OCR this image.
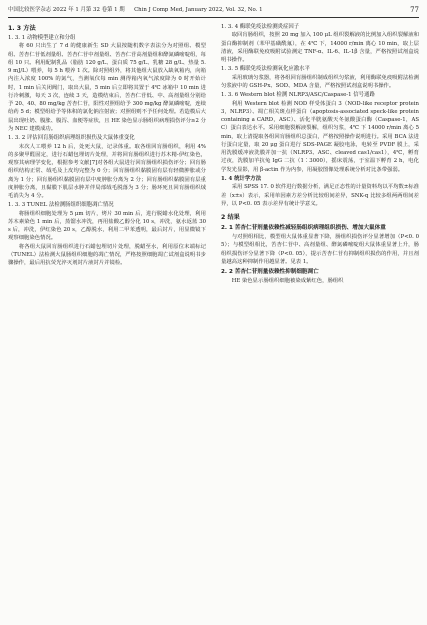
中国比较医学杂志 2022 年 1 月第 32 卷第 1 期 Chin J Comp Med, January 2022, Vol. 32, No. 1	77
1. 3 方法
1. 3. 1 动物模型建立和分组

将 60 只出生了 7 d 的健康新生 SD 大鼠按随机数字表法分为对照组、模型组、苦杏仁苷低剂量组、苦杏仁苷中剂量组、苦杏仁苷高剂量组和酵氮磷嘧啶组，每组 10 只。利用配制乳品（脂肪 120 g/L、蛋白质 75 g/L、乳糖 28 g/L、热量 5. 9 mJ/L）喂养，每 5 h 喂养 1 次。除对照组外，将其他组大鼠放入缺氧箱内，向箱内注入浓度 100% 的氮气，当测氧仪每 min 测得箱内氧气浓度降为 0 时开始计时，1 min 后关闭阀门，取出大鼠，5 min 后立即将其置于 4℃ 冰箱中 10 min 进行冷刺激，每天 3 次，连续 3 天，造模结束后，苦杏仁苷低、中、高剂量组分别给予 20、40、80 mg/kg 苦杏仁苷，阳性对照组给予 300 mg/kg 酵氮磷嘧啶，连续给药 5 d；模型组给予等体积的氯化钠注射液；对照组则不予任何处理。若造模后大鼠出现吐奶、腹胀、腹泻、血便等症状，且 HE 染色显示肠组织病理损伤评分≥2 分为 NEC 建模成功。

1. 3. 2 评估回肓肠组织病理组织损伤及大鼠体重变化

末次人工喂养 12 h 后，处死大鼠，记录体重。取各组回肓肠组织，利用 4% 的多聚甲醛固定，进行石蜡包埋切片处理，并将回肓肠组织进行苏木精-伊红染色，观察其病理学变化，根据参考文献[7]对各组大鼠进行回肓肠组织损伤评分；回肓肠组织结构正常、绒毛及上皮均完整为 0 分；回肓肠组织黏膜固有层有轻微肿胀或分离为 1 分；回肓肠组织黏膜固有层中度肿胀分离为 2 分；回肓肠组织黏膜固有层重度肿胀分离，且黏膜下肌层水肿并伴局部绒毛脱落为 3 分；肠环死且回肓肠组织绒毛消失为 4 分。

1. 3. 3 TUNEL 法检测肠组织细胞凋亡情况

将肠组织细胞处理为 5 μm 切片，烤片 30 min 后，进行脱蜡水化处理，利用苏木素染色 1 min 后，蒸馏水冲洗，再用盐酸乙醇分化 10 s，冲洗，氨水返蓝 30 s 后，冲洗，伊红染色 20 s，乙醇脱水，利用二甲苯透明，最后封片，用显微镜下观察细胞染色情况。

将各组大鼠回肓肠组织进行石蜡包埋切片处理，脱蜡至水，利用原位末端标记（TUNEL）法检测大鼠肠组织细胞的凋亡情况，严格按照细胞凋亡试剂盒说明书步骤操作，最后用抗荧光淬灭剂封片液封片并镜检。

1. 3. 4 酶联免疫法检测炎症因子

取回肓肠组织，按照 20 mg 加入 100 μL 组织裂解液的比例加入组织裂解液和蛋白酶抑制剂（苯甲基磺酰氟），在 4℃ 下，14000 r/min 离心 10 min，取上层清液，采用酶联免疫吸附试验测定 TNF-α、IL-6、IL-1β 含量，严格按照试剂盒说明书操作。

1. 3. 5 酶联免疫法检测氧化应激水平

采用玻璃匀浆器，将各组回肓肠组织制成组织匀浆液，利用酶联免疫吸附法检测匀浆液中的 GSH-Px、SOD、MDA 含量，严格按照试剂盒说明书操作。

1. 3. 6 Western blot 检测 NLRP3/ASC/Caspase-1 信号通路

利用 Western blot 检测 NOD 样受体蛋白 3（NOD-like receptor protein 3，NLRP3）、凋亡相关斑点样蛋白（apoptosis-associated speck-like protein containing a CARD，ASC）、活化半胱氨酸天冬氨酸蛋白酶（Caspase-1，ASC）蛋白表达水平。采用细胞裂解液裂解，组织匀浆，4℃ 下 14000 r/min 离心 5 min，取上清提取各组回肓肠组织总蛋白，严格按照操作说明进行。采用 BCA 法进行蛋白定量，取 20 μg 蛋白进行 SDS-PAGE 凝胶电泳，电转至 PVDF 膜上，采用洗膜缓冲液洗膜并加一抗（NLRP3、ASC、cleaved cas1/cas1），4℃，孵育过夜，洗膜加羊抗兔 IgG 二抗（1∶3000），摇床震荡，于室温下孵育 2 h，电化学发光显影，用 β-actin 作为内参，用凝胶图像处理系统分析对比条带强弱。

1. 4 统计学方法

采用 SPSS 17. 0 软件进行数据分析，满足正态性的计量资料均以平均数±标准差（x±s）表示，采用单因素方差分析比较组间差异，SNK-q 比较多组两两组间差异，以 P<0. 05 表示差异有统计学意义。

2 结果
2. 1 苦杏仁苷剂量依赖性减轻肠组织病理组织损伤、增加大鼠体重

与对照组相比，模型组大鼠体重显著下降，肠组织损伤评分显著增加（P<0. 05）；与模型组相比，苦杏仁苷中、高剂量组、酵氮磷嘧啶组大鼠体重显著上升，肠组织损伤评分显著下降（P<0. 05），提示苦杏仁苷有抑制组织损伤的作用，并且剂量越高这种抑制作用越显著。见表 1。

2. 2 苦杏仁苷剂量依赖性抑制细胞凋亡

HE 染色显示肠组织细胞被染成紫红色，肠组织
